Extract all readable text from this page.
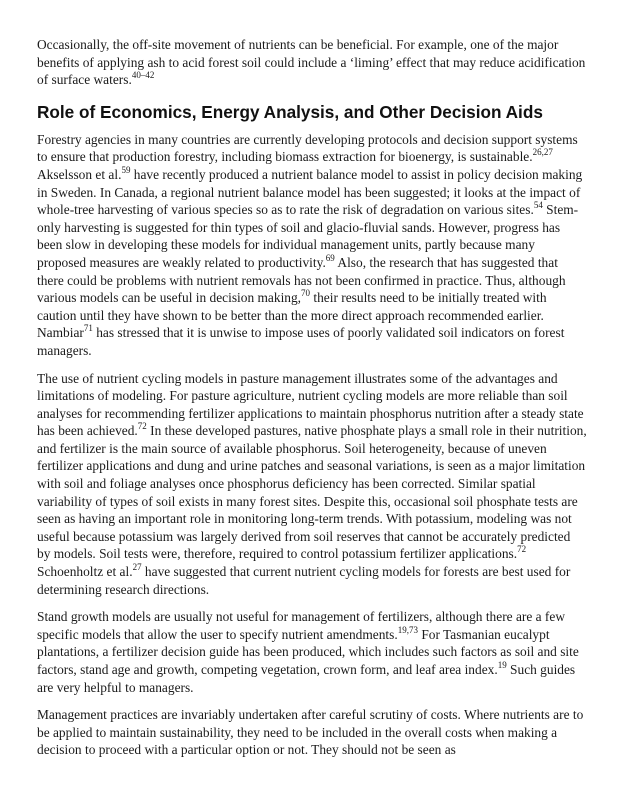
Occasionally, the off-site movement of nutrients can be beneficial. For example, one of the major benefits of applying ash to acid forest soil could include a ‘liming’ effect that may reduce acidification of surface waters.$^{40-42}$

Role of Economics, Energy Analysis, and Other Decision Aids

Forestry agencies in many countries are currently developing protocols and decision support systems to ensure that production forestry, including biomass extraction for bioenergy, is sustainable.$^{26,27}$ Akselsson et al.$^{59}$ have recently produced a nutrient balance model to assist in policy decision making in Sweden. In Canada, a regional nutrient balance model has been suggested; it looks at the impact of whole-tree harvesting of various species so as to rate the risk of degradation on various sites.$^{54}$ Stem-only harvesting is suggested for thin types of soil and glacio-fluvial sands. However, progress has been slow in developing these models for individual management units, partly because many proposed measures are weakly related to productivity.$^{69}$ Also, the research that has suggested that there could be problems with nutrient removals has not been confirmed in practice. Thus, although various models can be useful in decision making,$^{70}$ their results need to be initially treated with caution until they have shown to be better than the more direct approach recommended earlier. Nambiar$^{71}$ has stressed that it is unwise to impose uses of poorly validated soil indicators on forest managers.

The use of nutrient cycling models in pasture management illustrates some of the advantages and limitations of modeling. For pasture agriculture, nutrient cycling models are more reliable than soil analyses for recommending fertilizer applications to maintain phosphorus nutrition after a steady state has been achieved.$^{72}$ In these developed pastures, native phosphate plays a small role in their nutrition, and fertilizer is the main source of available phosphorus. Soil heterogeneity, because of uneven fertilizer applications and dung and urine patches and seasonal variations, is seen as a major limitation with soil and foliage analyses once phosphorus deficiency has been corrected. Similar spatial variability of types of soil exists in many forest sites. Despite this, occasional soil phosphate tests are seen as having an important role in monitoring long-term trends. With potassium, modeling was not useful because potassium was largely derived from soil reserves that cannot be accurately predicted by models. Soil tests were, therefore, required to control potassium fertilizer applications.$^{72}$ Schoenholtz et al.$^{27}$ have suggested that current nutrient cycling models for forests are best used for determining research directions.

Stand growth models are usually not useful for management of fertilizers, although there are a few specific models that allow the user to specify nutrient amendments.$^{19,73}$ For Tasmanian eucalypt plantations, a fertilizer decision guide has been produced, which includes such factors as soil and site factors, stand age and growth, competing vegetation, crown form, and leaf area index.$^{19}$ Such guides are very helpful to managers.

Management practices are invariably undertaken after careful scrutiny of costs. Where nutrients are to be applied to maintain sustainability, they need to be included in the overall costs when making a decision to proceed with a particular option or not. They should not be seen as
